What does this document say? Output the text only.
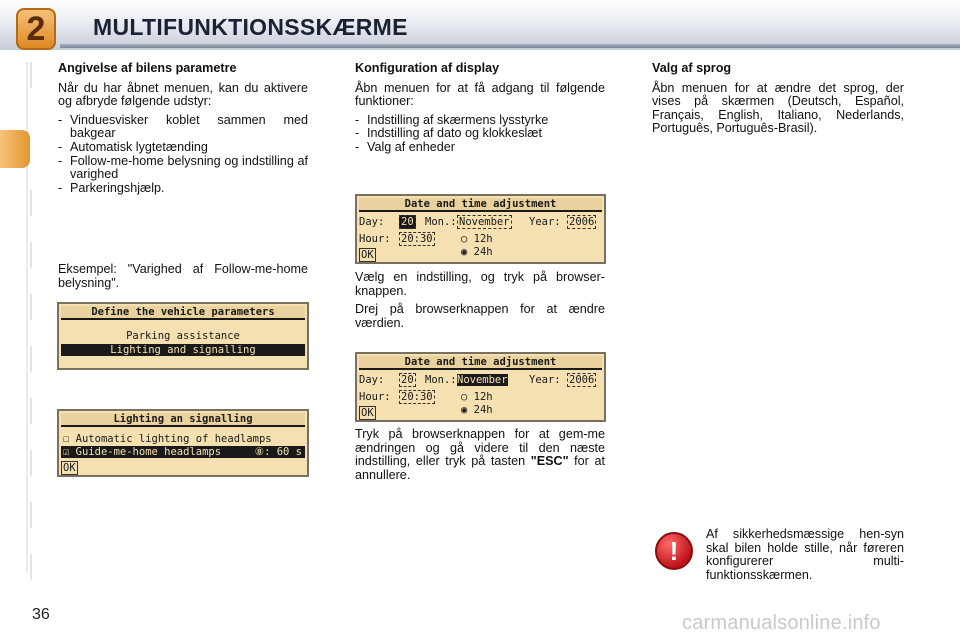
2	MULTIFUNKTIONSSKÆRME
Angivelse af bilens parametre

Når du har åbnet menuen, kan du aktivere og afbryde følgende udstyr:

- Vinduesvisker koblet sammen med bakgear
- Automatisk lygtetænding
- Follow-me-home belysning og indstilling af varighed
- Parkeringshjælp.

Eksempel: "Varighed af Follow-me-home belysning".

Define the vehicle parameters
Parking assistance
Lighting and signalling
Lighting an signalling
☐ Automatic lighting of headlamps
☑ Guide-me-home headlamps	⑧: 60 s
OK
Konfiguration af display

Åbn menuen for at få adgang til følgende funktioner:

- Indstilling af skærmens lysstyrke
- Indstilling af dato og klokkeslæt
- Valg af enheder
Date and time adjustment
Day: 20 Mon.: November Year: 2006
Hour: 20:30	○ 12h
◉ 24h
OK

Vælg en indstilling, og tryk på browser-knappen.

Drej på browserknappen for at ændre værdien.

Date and time adjustment
Day: 20 Mon.: November Year: 2006
Hour: 20:30	○ 12h
◉ 24h
OK

Tryk på browserknappen for at gem-me ændringen og gå videre til den næste indstilling, eller tryk på tasten "ESC" for at annullere.

Valg af sprog

Åbn menuen for at ændre det sprog, der vises på skærmen (Deutsch, Español, Français, English, Italiano, Nederlands, Português, Português-Brasil).

!
Af sikkerhedsmæssige hen-syn skal bilen holde stille, når føreren konfigurerer multi-funktionsskærmen.
36	carmanualsonline.info
